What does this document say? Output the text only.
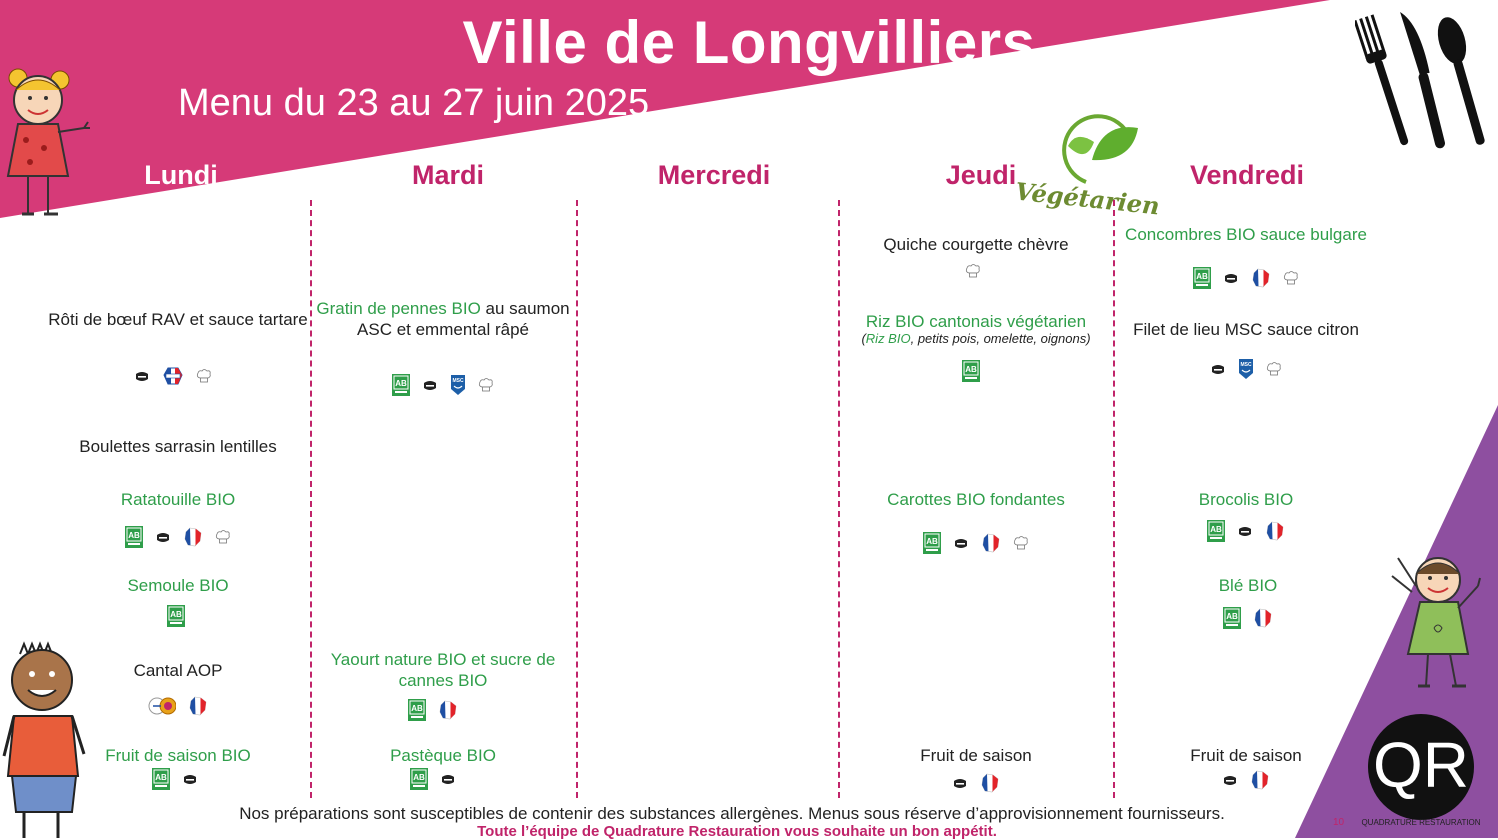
QR
QUADRATURE RESTAURATION
Ville de Longvilliers
Menu du 23 au 27 juin 2025
Lundi	Mardi	Mercredi	Jeudi	Vendredi
Végétarien
Rôti de bœuf RAV et sauce tartare
Boulettes sarrasin lentilles
Ratatouille BIO
AB
Semoule BIO
AB
Cantal AOP
Fruit de saison BIO
AB
Gratin de pennes BIO au saumon ASC et emmental râpé
AB	MSC
Yaourt nature BIO et sucre de cannes BIO
AB
Pastèque BIO
AB
Quiche courgette chèvre
Riz BIO cantonais végétarien
(Riz BIO, petits pois, omelette, oignons)
AB
Carottes BIO fondantes
AB
Fruit de saison
Concombres BIO sauce bulgare
AB
Filet de lieu MSC sauce citron
MSC
Brocolis BIO
AB
Blé BIO
AB
Fruit de saison
Nos préparations sont susceptibles de contenir des substances allergènes. Menus sous réserve d’approvisionnement fournisseurs.
Toute l’équipe de Quadrature Restauration vous souhaite un bon appétit.
10
